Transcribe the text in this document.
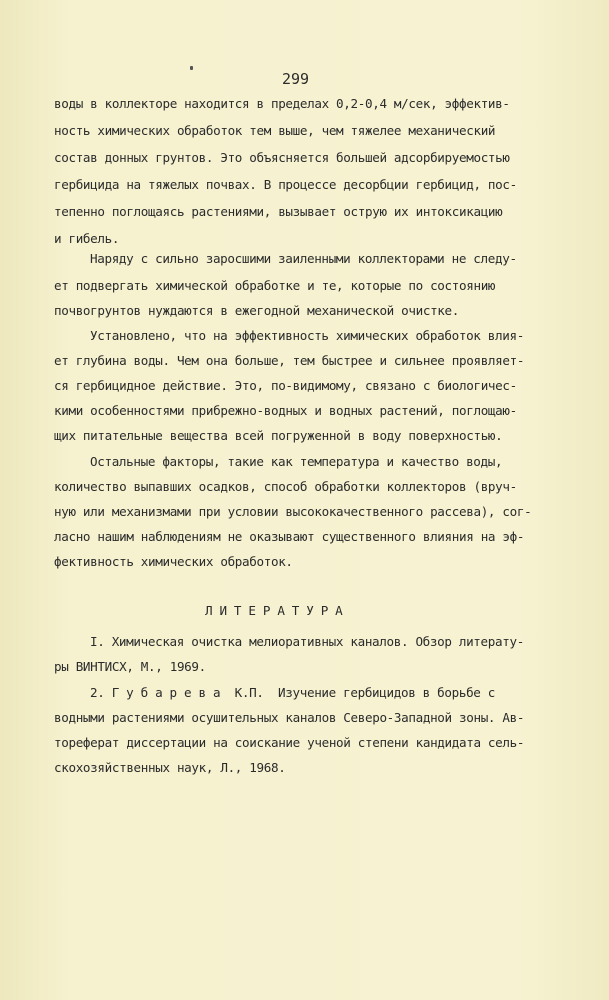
299
воды в коллекторе находится в пределах 0,2-0,4 м/сек, эффектив-
ность химических обработок тем выше, чем тяжелее механический
состав донных грунтов. Это объясняется большей адсорбируемостью
гербицида на тяжелых почвах. В процессе десорбции гербицид, пос-
тепенно поглощаясь растениями, вызывает острую их интоксикацию
и гибель.
Наряду с сильно заросшими заиленными коллекторами не следу-
ет подвергать химической обработке и те, которые по состоянию
почвогрунтов нуждаются в ежегодной механической очистке.
Установлено, что на эффективность химических обработок влия-
ет глубина воды. Чем она больше, тем быстрее и сильнее проявляет-
ся гербицидное действие. Это, по-видимому, связано с биологичес-
кими особенностями прибрежно-водных и водных растений, поглощаю-
щих питательные вещества всей погруженной в воду поверхностью.
Остальные факторы, такие как температура и качество воды,
количество выпавших осадков, способ обработки коллекторов (вруч-
ную или механизмами при условии высококачественного рассева), сог-
ласно нашим наблюдениям не оказывают существенного влияния на эф-
фективность химических обработок.
Л И Т Е Р А Т У Р А
I. Химическая очистка мелиоративных каналов. Обзор литерату-
ры ВИНТИСХ, М., 1969.
2. Г у б а р е в а  К.П.  Изучение гербицидов в борьбе с
водными растениями осушительных каналов Северо-Западной зоны. Ав-
тореферат диссертации на соискание ученой степени кандидата сель-
скохозяйственных наук, Л., 1968.
